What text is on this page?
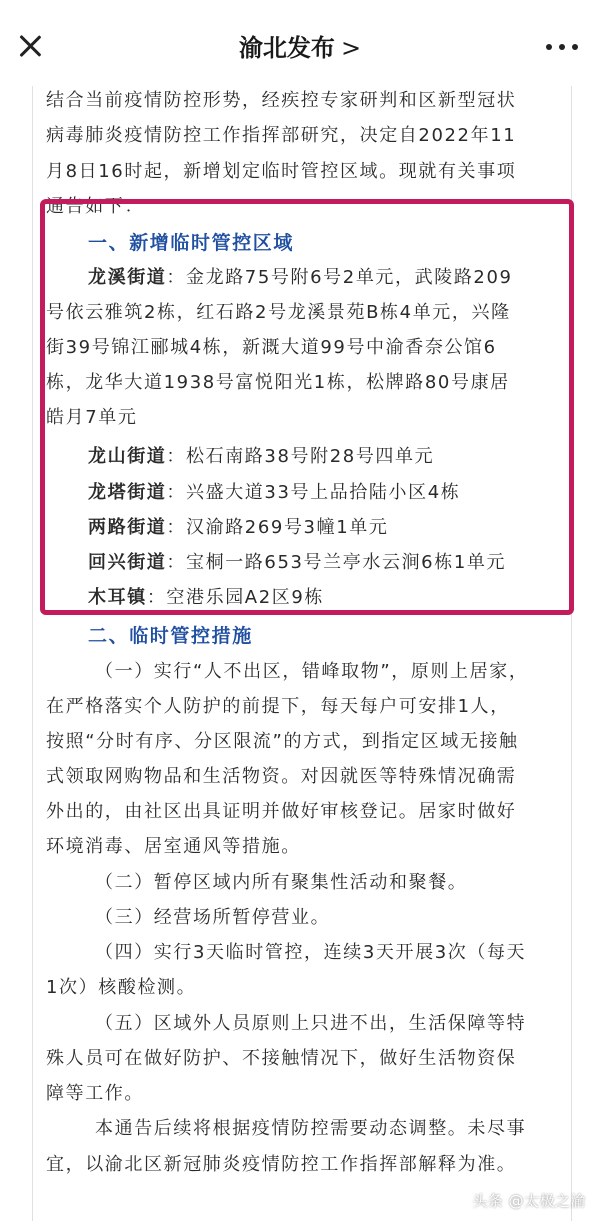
渝北发布 >
结合当前疫情防控形势，经疾控专家研判和区新型冠状
病毒肺炎疫情防控工作指挥部研究，决定自2022年11
月8日16时起，新增划定临时管控区域。现就有关事项
通告如下：
一、新增临时管控区域
龙溪街道：金龙路75号附6号2单元，武陵路209
号依云雅筑2栋，红石路2号龙溪景苑B栋4单元，兴隆
街39号锦江郦城4栋，新溉大道99号中渝香奈公馆6
栋，龙华大道1938号富悦阳光1栋，松牌路80号康居
皓月7单元
龙山街道：松石南路38号附28号四单元
龙塔街道：兴盛大道33号上品拾陆小区4栋
两路街道：汉渝路269号3幢1单元
回兴街道：宝桐一路653号兰亭水云涧6栋1单元
木耳镇：空港乐园A2区9栋
二、临时管控措施
（一）实行“人不出区，错峰取物”，原则上居家，
在严格落实个人防护的前提下，每天每户可安排1人，
按照“分时有序、分区限流”的方式，到指定区域无接触
式领取网购物品和生活物资。对因就医等特殊情况确需
外出的，由社区出具证明并做好审核登记。居家时做好
环境消毒、居室通风等措施。
（二）暂停区域内所有聚集性活动和聚餐。
（三）经营场所暂停营业。
（四）实行3天临时管控，连续3天开展3次（每天
1次）核酸检测。
（五）区域外人员原则上只进不出，生活保障等特
殊人员可在做好防护、不接触情况下，做好生活物资保
障等工作。
本通告后续将根据疫情防控需要动态调整。未尽事
宜，以渝北区新冠肺炎疫情防控工作指挥部解释为准。
头条 @太极之渝
